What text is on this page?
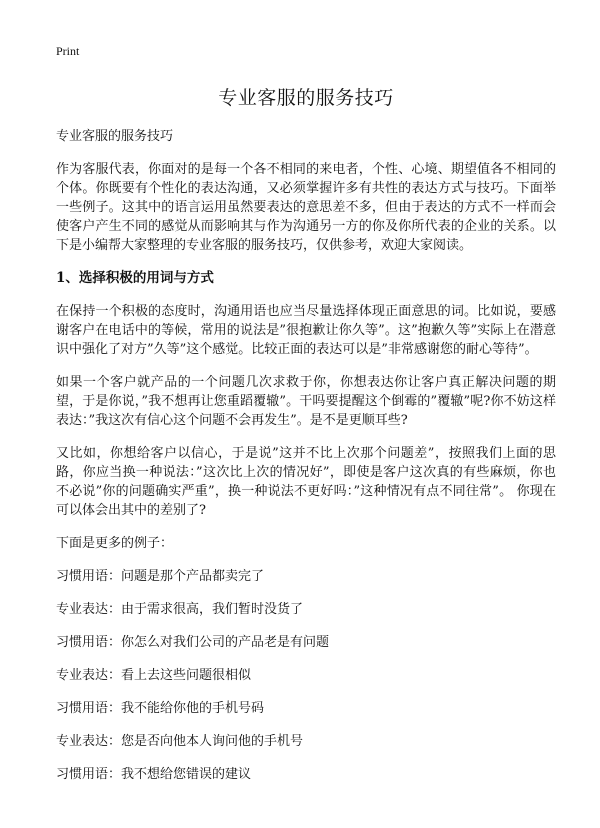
Print
专业客服的服务技巧
专业客服的服务技巧

作为客服代表，你面对的是每一个各不相同的来电者，个性、心境、期望值各不相同的个体。你既要有个性化的表达沟通，又必须掌握许多有共性的表达方式与技巧。下面举一些例子。这其中的语言运用虽然要表达的意思差不多，但由于表达的方式不一样而会使客户产生不同的感觉从而影响其与作为沟通另一方的你及你所代表的企业的关系。以下是小编帮大家整理的专业客服的服务技巧，仅供参考，欢迎大家阅读。

1、选择积极的用词与方式

在保持一个积极的态度时，沟通用语也应当尽量选择体现正面意思的词。比如说，要感谢客户在电话中的等候，常用的说法是”很抱歉让你久等”。这”抱歉久等”实际上在潜意识中强化了对方”久等”这个感觉。比较正面的表达可以是”非常感谢您的耐心等待”。

如果一个客户就产品的一个问题几次求救于你，你想表达你让客户真正解决问题的期望，于是你说，”我不想再让您重蹈覆辙”。干吗要提醒这个倒霉的”覆辙”呢?你不妨这样表达：”我这次有信心这个问题不会再发生”。是不是更顺耳些?

又比如，你想给客户以信心，于是说”这并不比上次那个问题差”，按照我们上面的思路，你应当换一种说法：”这次比上次的情况好”，即使是客户这次真的有些麻烦，你也不必说”你的问题确实严重”，换一种说法不更好吗：”这种情况有点不同往常”。 你现在可以体会出其中的差别了?

下面是更多的例子：

习惯用语：问题是那个产品都卖完了
专业表达：由于需求很高，我们暂时没货了
习惯用语：你怎么对我们公司的产品老是有问题
专业表达：看上去这些问题很相似
习惯用语：我不能给你他的手机号码
专业表达：您是否向他本人询问他的手机号
习惯用语：我不想给您错误的建议
